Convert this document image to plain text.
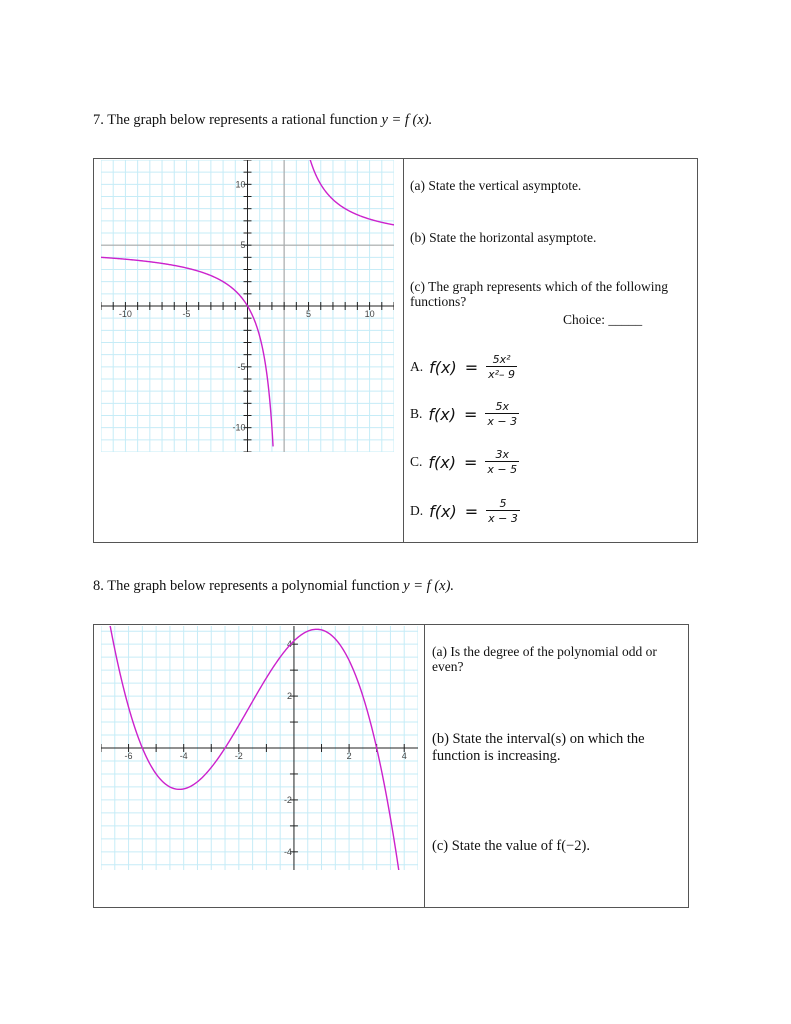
7. The graph below represents a rational function y = f (x).
-10	-5	5	10
10
5
-5
-10
(a) State the vertical asymptote.
(b) State the horizontal asymptote.
(c) The graph represents which of the following functions?
Choice: _____
A. $f(x) = \frac{\text{5x²}}{\text{x²– 9}}$
B. $f(x) = \frac{5x}{x - 3}$
C. $f(x) = \frac{3x}{x - 5}$
D. $f(x) = \frac{5}{x - 3}$
8. The graph below represents a polynomial function y = f (x).
-6	-4	-2	2	4
4
2
-2
-4
(a) Is the degree of the polynomial odd or even?
(b) State the interval(s) on which the function is increasing.
(c) State the value of f(−2).
